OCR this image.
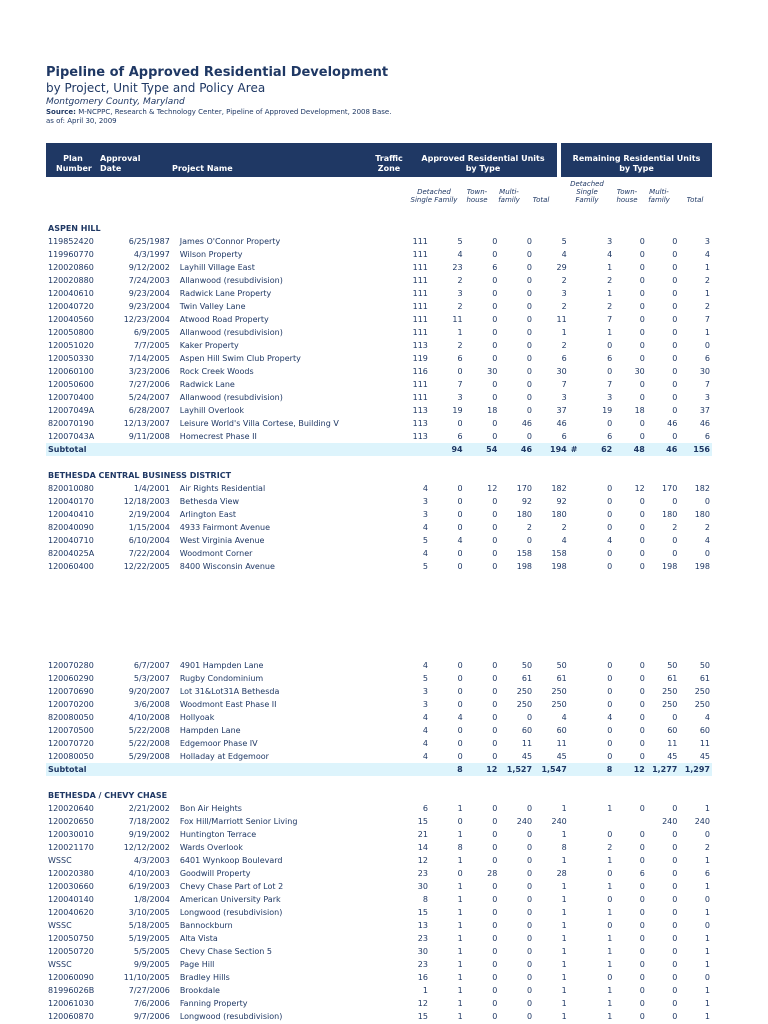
Pipeline of Approved Residential Development
by Project, Unit Type and Policy Area
Montgomery County, Maryland
Source: M-NCPPC, Research & Technology Center, Pipeline of Approved Development, 2008 Base.
as of: April 30, 2009
Plan
Number
Approval
Date	Project Name
Traffic
Zone
Approved Residential Units
by Type
Remaining Residential Units
by Type
Detached
Single Family
Town-
house
Multi-
family	Total
Detached
Single
Family
Town-
house
Multi-
family	Total

ASPEN HILL												
119852420	6/25/1987	James O'Connor Property	111	5	0	0	5		3	0	0	3
119960770	4/3/1997	Wilson Property	111	4	0	0	4		4	0	0	4
120020860	9/12/2002	Layhill Village East	111	23	6	0	29		1	0	0	1
120020880	7/24/2003	Allanwood (resubdivision)	111	2	0	0	2		2	0	0	2
120040610	9/23/2004	Radwick Lane Property	111	3	0	0	3		1	0	0	1
120040720	9/23/2004	Twin Valley Lane	111	2	0	0	2		2	0	0	2
120040560	12/23/2004	Atwood Road Property	111	11	0	0	11		7	0	0	7
120050800	6/9/2005	Allanwood (resubdivision)	111	1	0	0	1		1	0	0	1
120051020	7/7/2005	Kaker Property	113	2	0	0	2		0	0	0	0
120050330	7/14/2005	Aspen Hill Swim Club Property	119	6	0	0	6		6	0	0	6
120060100	3/23/2006	Rock Creek Woods	116	0	30	0	30		0	30	0	30
120050600	7/27/2006	Radwick Lane	111	7	0	0	7		7	0	0	7
120070400	5/24/2007	Allanwood (resubdivision)	111	3	0	0	3		3	0	0	3
12007049A	6/28/2007	Layhill Overlook	113	19	18	0	37		19	18	0	37
820070190	12/13/2007	Leisure World's Villa Cortese, Building V	113	0	0	46	46		0	0	46	46
12007043A	9/11/2008	Homecrest Phase II	113	6	0	0	6		6	0	0	6
Subtotal				94	54	46	194	#	62	48	46	156

BETHESDA CENTRAL BUSINESS DISTRICT												
820010080	1/4/2001	Air Rights Residential	4	0	12	170	182		0	12	170	182
120040170	12/18/2003	Bethesda View	3	0	0	92	92		0	0	0	0
120040410	2/19/2004	Arlington East	3	0	0	180	180		0	0	180	180
820040090	1/15/2004	4933 Fairmont Avenue	4	0	0	2	2		0	0	2	2
120040710	6/10/2004	West Virginia Avenue	5	4	0	0	4		4	0	0	4
82004025A	7/22/2004	Woodmont Corner	4	0	0	158	158		0	0	0	0
120060400	12/22/2005	8400 Wisconsin Avenue	5	0	0	198	198		0	0	198	198
120070280	6/7/2007	4901 Hampden Lane	4	0	0	50	50		0	0	50	50
120060290	5/3/2007	Rugby Condominium	5	0	0	61	61		0	0	61	61
120070690	9/20/2007	Lot 31&Lot31A Bethesda	3	0	0	250	250		0	0	250	250
120070200	3/6/2008	Woodmont East Phase II	3	0	0	250	250		0	0	250	250
820080050	4/10/2008	Hollyoak	4	4	0	0	4		4	0	0	4
120070500	5/22/2008	Hampden Lane	4	0	0	60	60		0	0	60	60
120070720	5/22/2008	Edgemoor Phase IV	4	0	0	11	11		0	0	11	11
120080050	5/29/2008	Holladay at Edgemoor	4	0	0	45	45		0	0	45	45
Subtotal				8	12	1,527	1,547		8	12	1,277	1,297

BETHESDA / CHEVY CHASE												
120020640	2/21/2002	Bon Air Heights	6	1	0	0	1		1	0	0	1
120020650	7/18/2002	Fox Hill/Marriott Senior Living	15	0	0	240	240				240	240
120030010	9/19/2002	Huntington Terrace	21	1	0	0	1		0	0	0	0
120021170	12/12/2002	Wards Overlook	14	8	0	0	8		2	0	0	2
WSSC	4/3/2003	6401 Wynkoop Boulevard	12	1	0	0	1		1	0	0	1
120020380	4/10/2003	Goodwill Property	23	0	28	0	28		0	6	0	6
120030660	6/19/2003	Chevy Chase Part of Lot 2	30	1	0	0	1		1	0	0	1
120040140	1/8/2004	American University Park	8	1	0	0	1		0	0	0	0
120040620	3/10/2005	Longwood (resubdivision)	15	1	0	0	1		1	0	0	1
WSSC	5/18/2005	Bannockburn	13	1	0	0	1		0	0	0	0
120050750	5/19/2005	Alta Vista	23	1	0	0	1		1	0	0	1
120050720	5/5/2005	Chevy Chase Section 5	30	1	0	0	1		1	0	0	1
WSSC	9/9/2005	Page Hill	23	1	0	0	1		1	0	0	1
120060090	11/10/2005	Bradley Hills	16	1	0	0	1		0	0	0	0
81996026B	7/27/2006	Brookdale	1	1	0	0	1		1	0	0	1
120061030	7/6/2006	Fanning Property	12	1	0	0	1		1	0	0	1
120060870	9/7/2006	Longwood (resubdivision)	15	1	0	0	1		1	0	0	1
